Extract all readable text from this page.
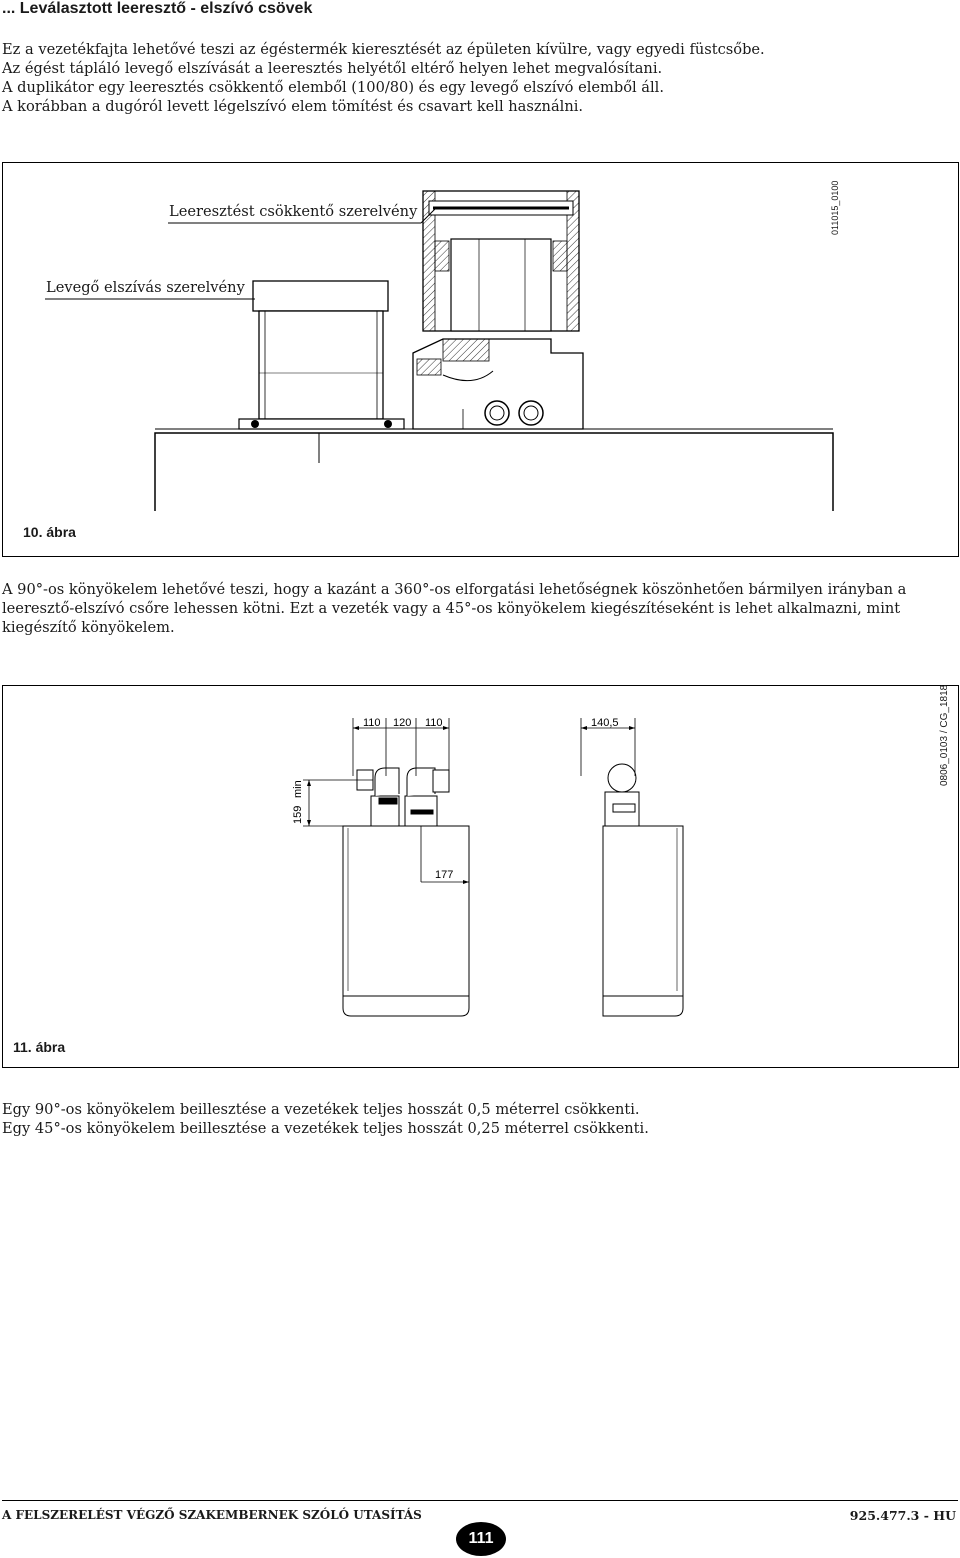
... Leválasztott leeresztő - elszívó csövek

Ez a vezetékfajta lehetővé teszi az égéstermék kieresztését az épületen kívülre, vagy egyedi füstcsőbe.

Az égést tápláló levegő elszívását a leeresztés helyétől eltérő helyen lehet megvalósítani.

A duplikátor egy leeresztés csökkentő elemből (100/80) és egy levegő elszívó elemből áll.

A korábban a dugóról levett légelszívó elem tömítést és csavart kell használni.

Leeresztést csökkentő szerelvény
Levegő elszívás szerelvény
011015_0100
10. ábra

A 90°-os könyökelem lehetővé teszi, hogy a kazánt a 360°-os elforgatási lehetőségnek köszönhetően bármilyen irányban a leeresztő-elszívó csőre lehessen kötni. Ezt a vezeték vagy a 45°-os könyökelem kiegészítéseként is lehet alkalmazni, mint kiegészítő könyökelem.

110 120 110	140,5
159
min
177
0806_0103 / CG_1818
11. ábra

Egy 90°-os könyökelem beillesztése a vezetékek teljes hosszát 0,5 méterrel csökkenti.

Egy 45°-os könyökelem beillesztése a vezetékek teljes hosszát 0,25 méterrel csökkenti.

A FELSZERELÉST VÉGZŐ SZAKEMBERNEK SZÓLÓ UTASÍTÁS
111
925.477.3 - HU
